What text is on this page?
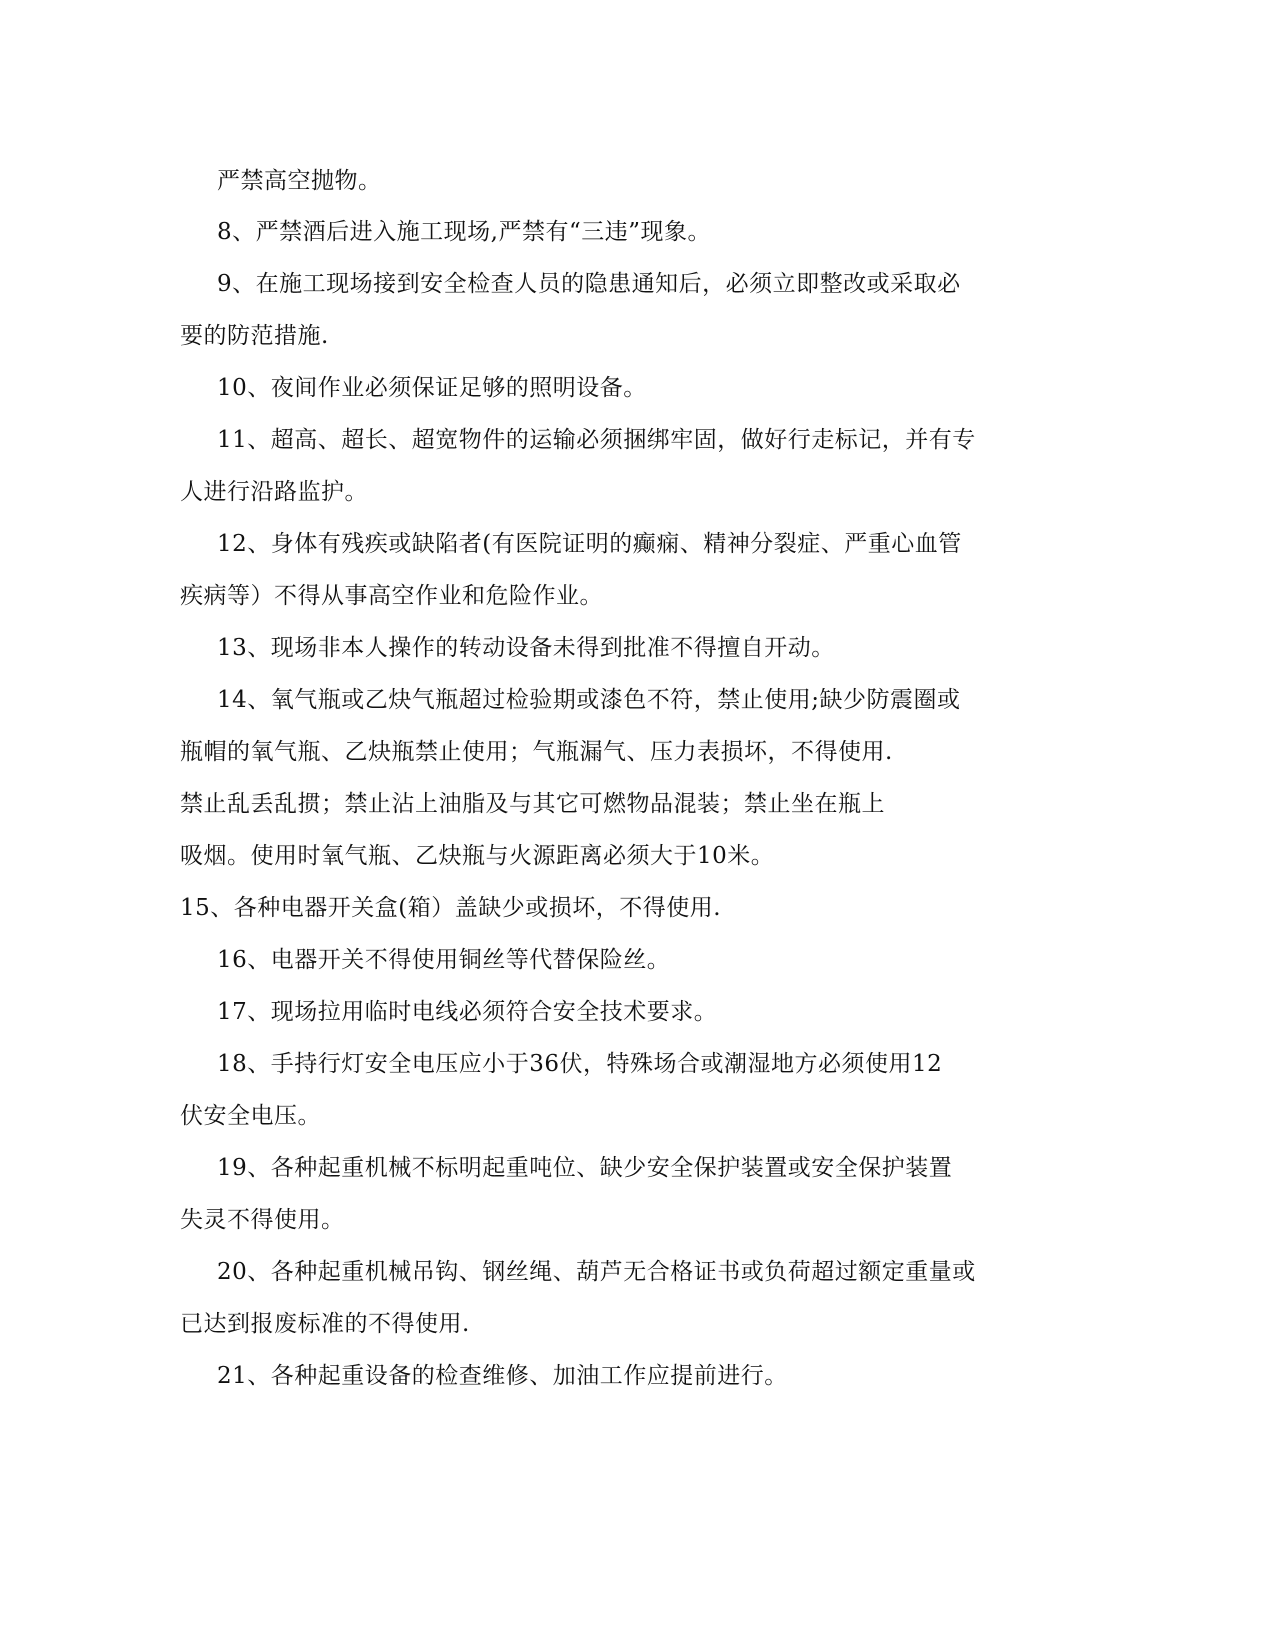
严禁高空抛物。

8、严禁酒后进入施工现场,严禁有“三违”现象。

9、在施工现场接到安全检查人员的隐患通知后，必须立即整改或采取必

要的防范措施.

10、夜间作业必须保证足够的照明设备。

11、超高、超长、超宽物件的运输必须捆绑牢固，做好行走标记，并有专

人进行沿路监护。

12、身体有残疾或缺陷者(有医院证明的癫痫、精神分裂症、严重心血管

疾病等）不得从事高空作业和危险作业。

13、现场非本人操作的转动设备未得到批准不得擅自开动。

14、氧气瓶或乙炔气瓶超过检验期或漆色不符，禁止使用;缺少防震圈或

瓶帽的氧气瓶、乙炔瓶禁止使用；气瓶漏气、压力表损坏，不得使用.

禁止乱丢乱掼；禁止沾上油脂及与其它可燃物品混装；禁止坐在瓶上

吸烟。使用时氧气瓶、乙炔瓶与火源距离必须大于10米。

15、各种电器开关盒(箱）盖缺少或损坏，不得使用.

16、电器开关不得使用铜丝等代替保险丝。

17、现场拉用临时电线必须符合安全技术要求。

18、手持行灯安全电压应小于36伏，特殊场合或潮湿地方必须使用12

伏安全电压。

19、各种起重机械不标明起重吨位、缺少安全保护装置或安全保护装置

失灵不得使用。

20、各种起重机械吊钩、钢丝绳、葫芦无合格证书或负荷超过额定重量或

已达到报废标准的不得使用.

21、各种起重设备的检查维修、加油工作应提前进行。
